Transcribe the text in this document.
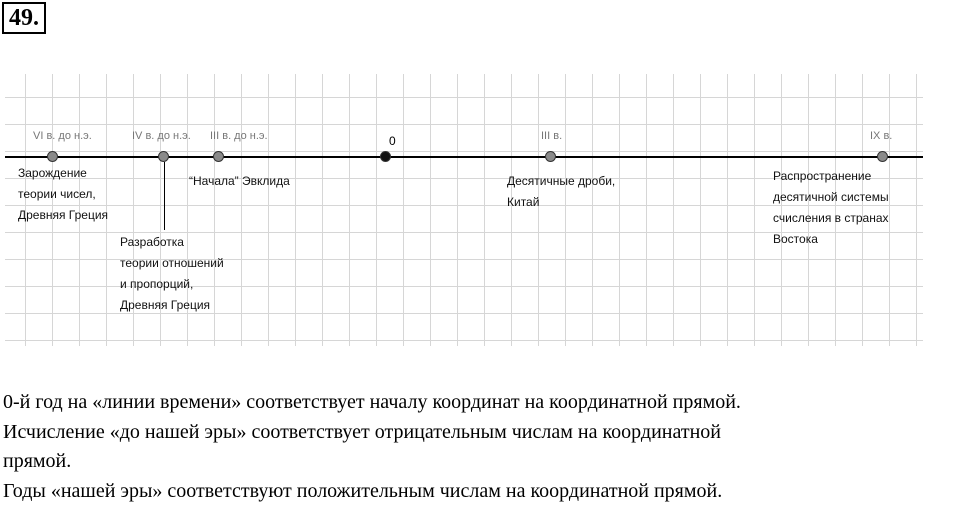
49.
VI в. до н.э.	IV в. до н.э. III в. до н.э.	0	III в.	IX в.
Зарождение
теории чисел,
Древняя Греция
Разработка
теории отношений
и пропорций,
Древняя Греция
“Начала” Эвклида	Десятичные дроби,
Китай
Распространение
десятичной системы
счисления в странах
Востока

0-й год на «линии времени» соответствует началу координат на координатной прямой.

Исчисление «до нашей эры» соответствует отрицательным числам на координатной

прямой.

Годы «нашей эры» соответствуют положительным числам на координатной прямой.
